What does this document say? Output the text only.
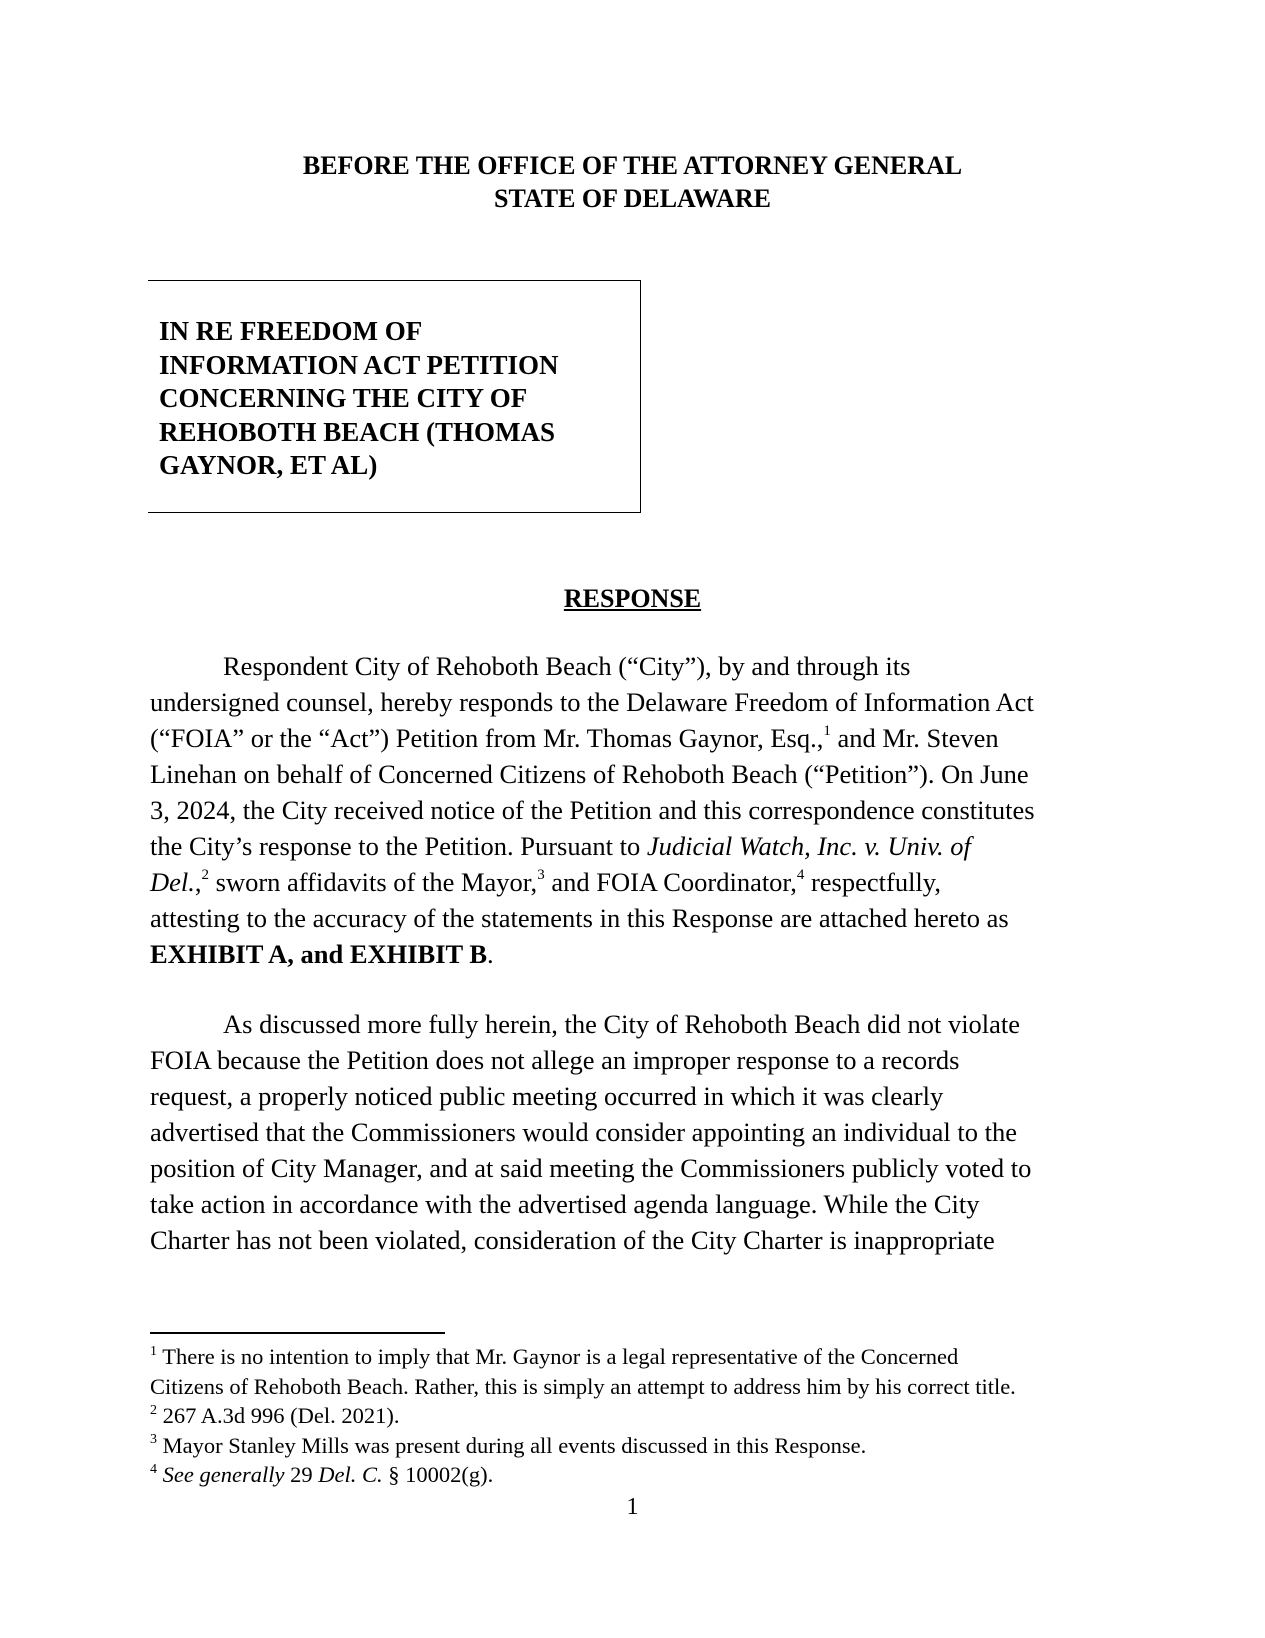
BEFORE THE OFFICE OF THE ATTORNEY GENERAL
STATE OF DELAWARE
IN RE FREEDOM OF
INFORMATION ACT PETITION
CONCERNING THE CITY OF
REHOBOTH BEACH (THOMAS
GAYNOR, ET AL)
RESPONSE
Respondent City of Rehoboth Beach (“City”), by and through its
undersigned counsel, hereby responds to the Delaware Freedom of Information Act
(“FOIA” or the “Act”) Petition from Mr. Thomas Gaynor, Esq.,$^1$ and Mr. Steven
Linehan on behalf of Concerned Citizens of Rehoboth Beach (“Petition”). On June
3, 2024, the City received notice of the Petition and this correspondence constitutes
the City’s response to the Petition. Pursuant to Judicial Watch, Inc. v. Univ. of
Del.,$^2$ sworn affidavits of the Mayor,$^3$ and FOIA Coordinator,$^4$ respectfully,
attesting to the accuracy of the statements in this Response are attached hereto as
EXHIBIT A, and EXHIBIT B.
As discussed more fully herein, the City of Rehoboth Beach did not violate
FOIA because the Petition does not allege an improper response to a records
request, a properly noticed public meeting occurred in which it was clearly
advertised that the Commissioners would consider appointing an individual to the
position of City Manager, and at said meeting the Commissioners publicly voted to
take action in accordance with the advertised agenda language. While the City
Charter has not been violated, consideration of the City Charter is inappropriate
$^1$ There is no intention to imply that Mr. Gaynor is a legal representative of the Concerned
Citizens of Rehoboth Beach. Rather, this is simply an attempt to address him by his correct title.
$^2$ 267 A.3d 996 (Del. 2021).
$^3$ Mayor Stanley Mills was present during all events discussed in this Response.
$^4$ See generally 29 Del. C. § 10002(g).
1
